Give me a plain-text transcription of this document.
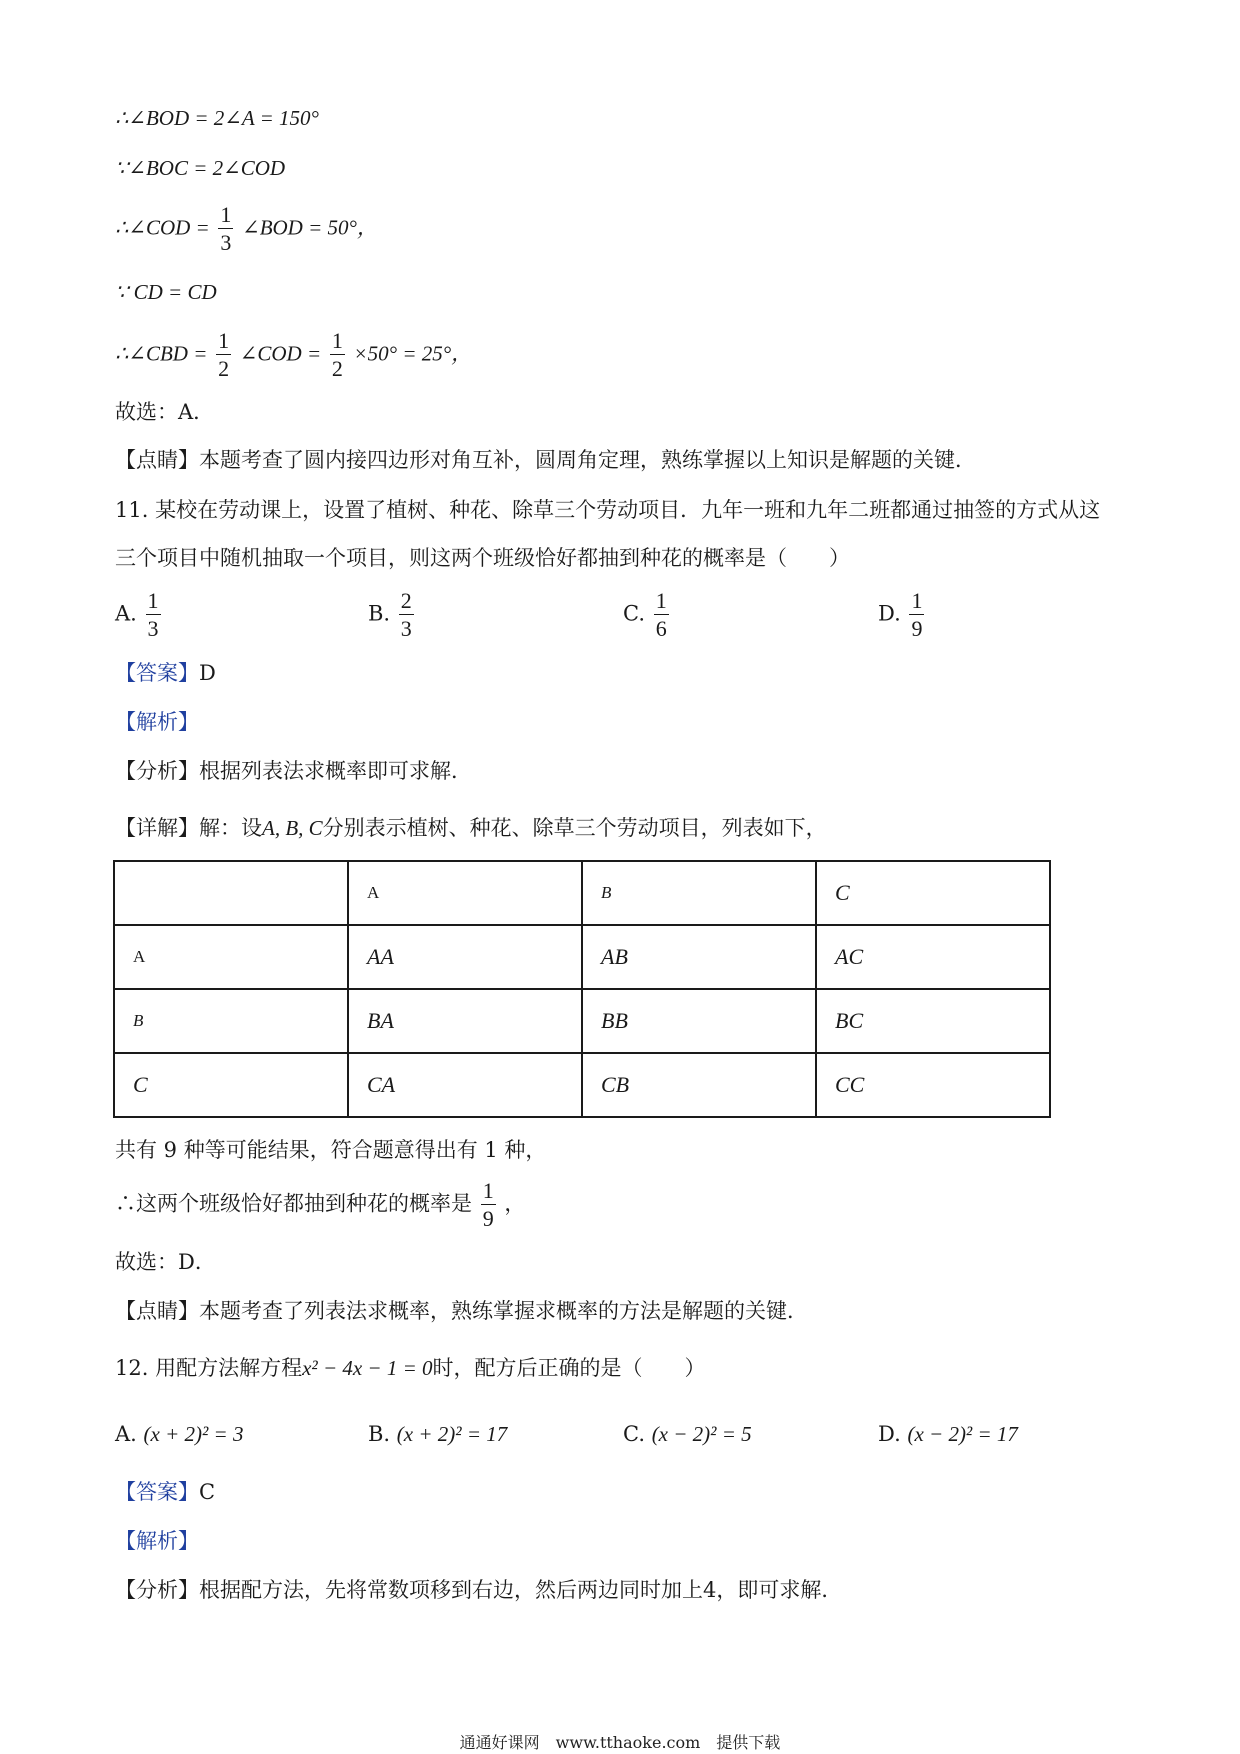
∴∠BOD = 2∠A = 150°
∵∠BOC = 2∠COD
∴∠COD = $\frac{1}{3}$ ∠BOD = 50°，
∵ CD = CD
∴∠CBD = $\frac{1}{2}$ ∠COD = $\frac{1}{2} \times 50^\circ = 25^\circ$，
故选：A．
【点睛】本题考查了圆内接四边形对角互补，圆周角定理，熟练掌握以上知识是解题的关键．
11. 某校在劳动课上，设置了植树、种花、除草三个劳动项目．九年一班和九年二班都通过抽签的方式从这
三个项目中随机抽取一个项目，则这两个班级恰好都抽到种花的概率是（　　）
A. $\frac{1}{3}$	B. $\frac{2}{3}$	C. $\frac{1}{6}$	D. $\frac{1}{9}$
【答案】D
【解析】
【分析】根据列表法求概率即可求解．
【详解】解：设A, B, C分别表示植树、种花、除草三个劳动项目，列表如下，
	A	B	C
A	AA	AB	AC
B	BA	BB	BC
C	CA	CB	CC
共有 9 种等可能结果，符合题意得出有 1 种，
∴这两个班级恰好都抽到种花的概率是 $\frac{1}{9}$ ，
故选：D．
【点睛】本题考查了列表法求概率，熟练掌握求概率的方法是解题的关键．
12. 用配方法解方程x² − 4x − 1 = 0时，配方后正确的是（　　）
A. (x + 2)² = 3	B. (x + 2)² = 17	C. (x − 2)² = 5	D. (x − 2)² = 17
【答案】C
【解析】
【分析】根据配方法，先将常数项移到右边，然后两边同时加上4，即可求解．
通通好课网　www.tthaoke.com　提供下载
